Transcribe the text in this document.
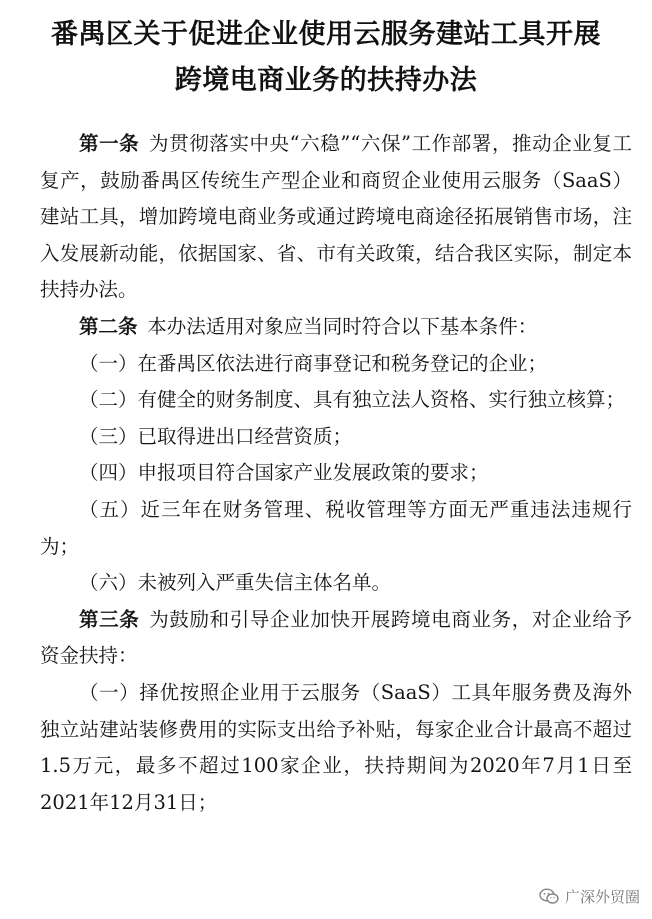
番禺区关于促进企业使用云服务建站工具开展
跨境电商业务的扶持办法

第一条 为贯彻落实中央“六稳”“六保”工作部署，推动企业复工复产，鼓励番禺区传统生产型企业和商贸企业使用云服务（SaaS）建站工具，增加跨境电商业务或通过跨境电商途径拓展销售市场，注入发展新动能，依据国家、省、市有关政策，结合我区实际，制定本扶持办法。

第二条 本办法适用对象应当同时符合以下基本条件：

（一）在番禺区依法进行商事登记和税务登记的企业；

（二）有健全的财务制度、具有独立法人资格、实行独立核算；

（三）已取得进出口经营资质；

（四）申报项目符合国家产业发展政策的要求；

（五）近三年在财务管理、税收管理等方面无严重违法违规行为；

（六）未被列入严重失信主体名单。

第三条 为鼓励和引导企业加快开展跨境电商业务，对企业给予资金扶持：

（一）择优按照企业用于云服务（SaaS）工具年服务费及海外独立站建站装修费用的实际支出给予补贴，每家企业合计最高不超过1.5万元，最多不超过100家企业，扶持期间为2020年7月1日至2021年12月31日；

广深外贸圈
